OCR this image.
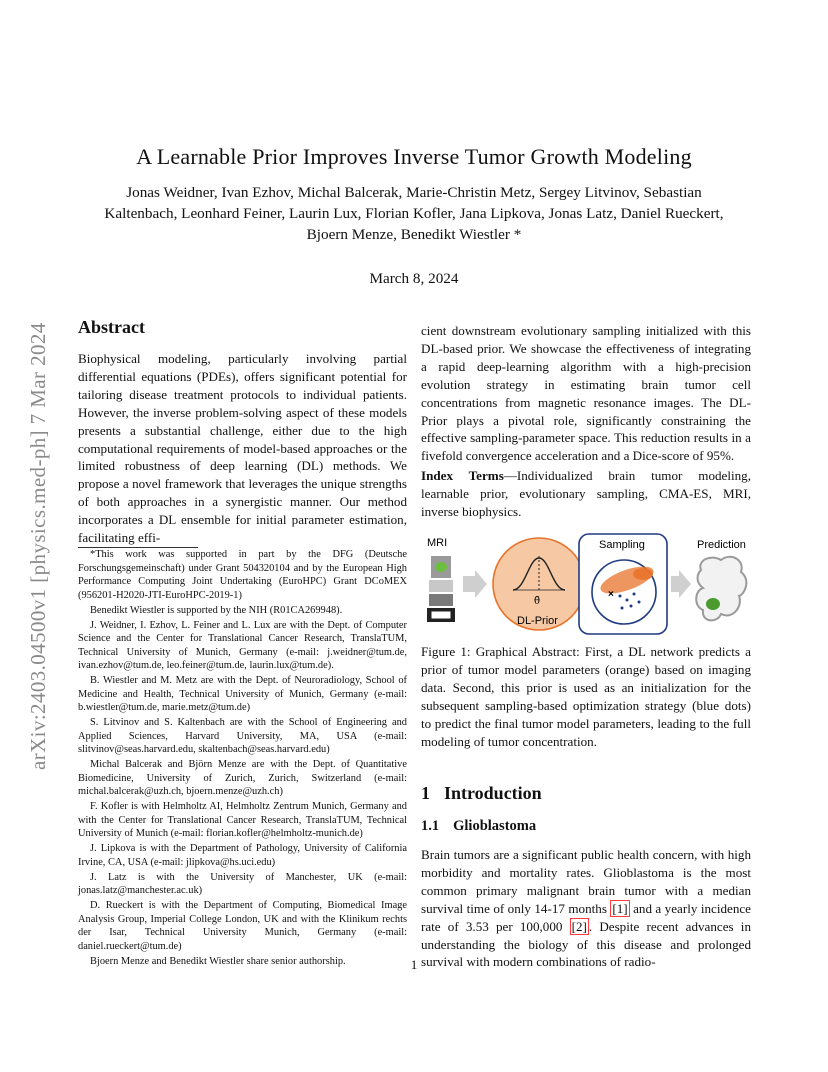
arXiv:2403.04500v1 [physics.med-ph] 7 Mar 2024
A Learnable Prior Improves Inverse Tumor Growth Modeling
Jonas Weidner, Ivan Ezhov, Michal Balcerak, Marie-Christin Metz, Sergey Litvinov, Sebastian Kaltenbach, Leonhard Feiner, Laurin Lux, Florian Kofler, Jana Lipkova, Jonas Latz, Daniel Rueckert, Bjoern Menze, Benedikt Wiestler *
March 8, 2024
Abstract
Biophysical modeling, particularly involving partial differential equations (PDEs), offers significant potential for tailoring disease treatment protocols to individual patients. However, the inverse problem-solving aspect of these models presents a substantial challenge, either due to the high computational requirements of model-based approaches or the limited robustness of deep learning (DL) methods. We propose a novel framework that leverages the unique strengths of both approaches in a synergistic manner. Our method incorporates a DL ensemble for initial parameter estimation, facilitating effi-
cient downstream evolutionary sampling initialized with this DL-based prior. We showcase the effectiveness of integrating a rapid deep-learning algorithm with a high-precision evolution strategy in estimating brain tumor cell concentrations from magnetic resonance images. The DL-Prior plays a pivotal role, significantly constraining the effective sampling-parameter space. This reduction results in a fivefold convergence acceleration and a Dice-score of 95%.
Index Terms—Individualized brain tumor modeling, learnable prior, evolutionary sampling, CMA-ES, MRI, inverse biophysics.

*This work was supported in part by the DFG (Deutsche Forschungsgemeinschaft) under Grant 504320104 and by the European High Performance Computing Joint Undertaking (EuroHPC) Grant DCoMEX (956201-H2020-JTI-EuroHPC-2019-1)

Benedikt Wiestler is supported by the NIH (R01CA269948).

J. Weidner, I. Ezhov, L. Feiner and L. Lux are with the Dept. of Computer Science and the Center for Translational Cancer Research, TranslaTUM, Technical University of Munich, Germany (e-mail: j.weidner@tum.de, ivan.ezhov@tum.de, leo.feiner@tum.de, laurin.lux@tum.de).

B. Wiestler and M. Metz are with the Dept. of Neuroradiology, School of Medicine and Health, Technical University of Munich, Germany (e-mail: b.wiestler@tum.de, marie.metz@tum.de)

S. Litvinov and S. Kaltenbach are with the School of Engineering and Applied Sciences, Harvard University, MA, USA (e-mail: slitvinov@seas.harvard.edu, skaltenbach@seas.harvard.edu)

Michal Balcerak and Björn Menze are with the Dept. of Quantitative Biomedicine, University of Zurich, Zurich, Switzerland (e-mail: michal.balcerak@uzh.ch, bjoern.menze@uzh.ch)

F. Kofler is with Helmholtz AI, Helmholtz Zentrum Munich, Germany and with the Center for Translational Cancer Research, TranslaTUM, Technical University of Munich (e-mail: florian.kofler@helmholtz-munich.de)

J. Lipkova is with the Department of Pathology, University of California Irvine, CA, USA (e-mail: jlipkova@hs.uci.edu)

J. Latz is with the University of Manchester, UK (e-mail: jonas.latz@manchester.ac.uk)

D. Rueckert is with the Department of Computing, Biomedical Image Analysis Group, Imperial College London, UK and with the Klinikum rechts der Isar, Technical University Munich, Germany (e-mail: daniel.rueckert@tum.de)

Bjoern Menze and Benedikt Wiestler share senior authorship.

MRI
θ̄
DL-Prior
Sampling
×
Prediction
Figure 1: Graphical Abstract: First, a DL network predicts a prior of tumor model parameters (orange) based on imaging data. Second, this prior is used as an initialization for the subsequent sampling-based optimization strategy (blue dots) to predict the final tumor model parameters, leading to the full modeling of tumor concentration.
1 Introduction
1.1 Glioblastoma
Brain tumors are a significant public health concern, with high morbidity and mortality rates. Glioblastoma is the most common primary malignant brain tumor with a median survival time of only 14-17 months [1] and a yearly incidence rate of 3.53 per 100,000 [2] . Despite recent advances in understanding the biology of this disease and prolonged survival with modern combinations of radio-
1
